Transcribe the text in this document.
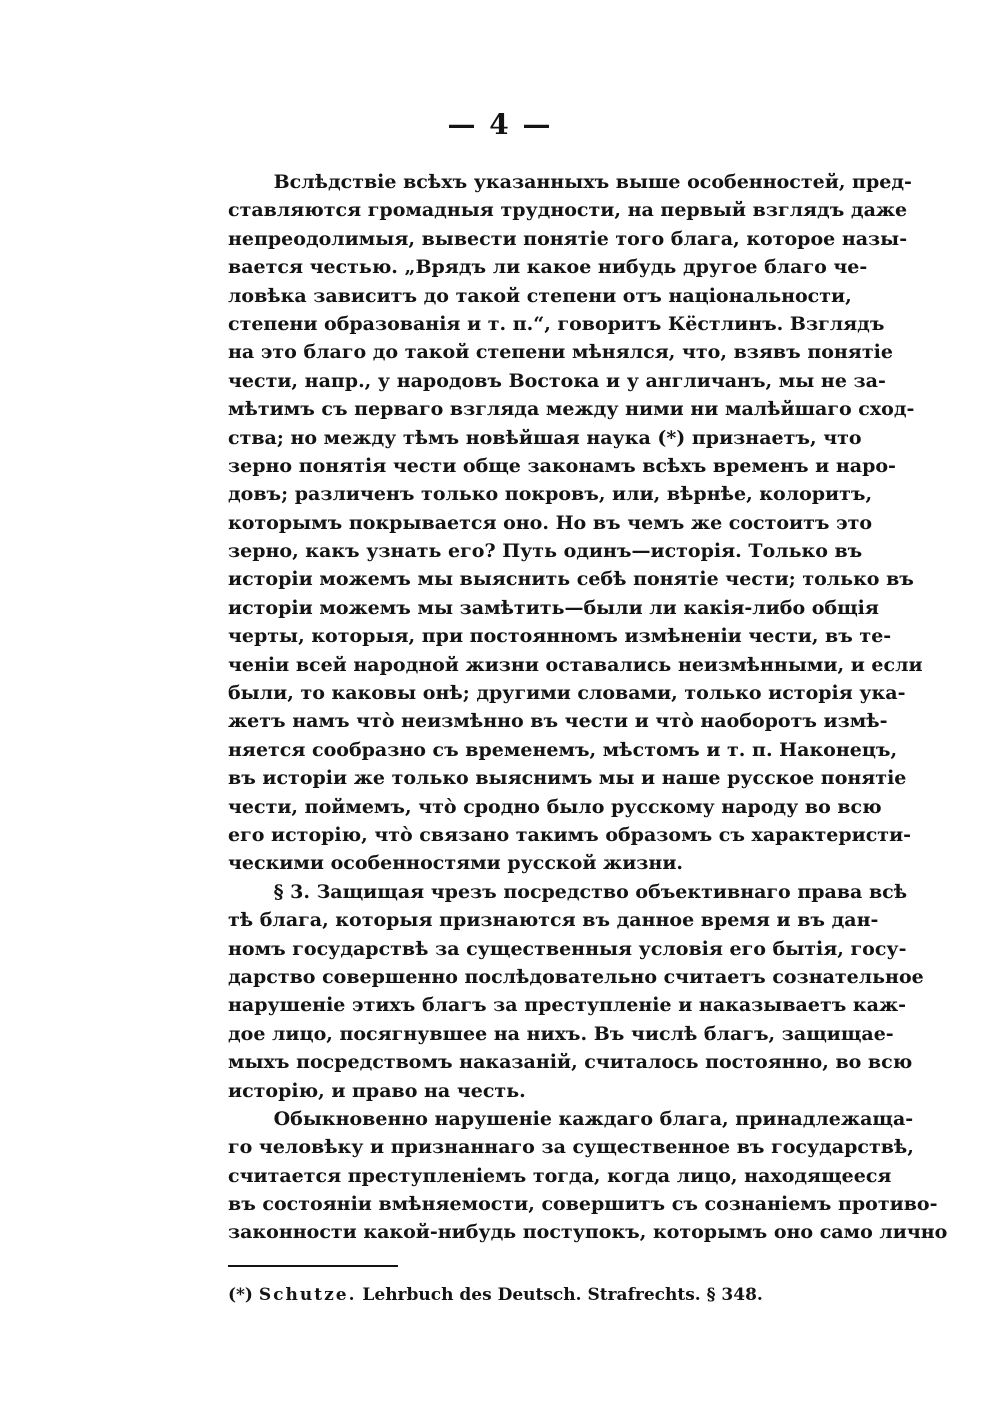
— 4 —
Вслѣдствіе всѣхъ указанныхъ выше особенностей, пред-
ставляются громадныя трудности, на первый взглядъ даже
непреодолимыя, вывести понятіе того блага, которое назы-
вается честью. „Врядъ ли какое нибудь другое благо че-
ловѣка зависитъ до такой степени отъ національности,
степени образованія и т. п.“, говоритъ Кёстлинъ. Взглядъ
на это благо до такой степени мѣнялся, что, взявъ понятіе
чести, напр., у народовъ Востока и у англичанъ, мы не за-
мѣтимъ съ перваго взгляда между ними ни малѣйшаго сход-
ства; но между тѣмъ новѣйшая наука (*) признаетъ, что
зерно понятія чести обще законамъ всѣхъ временъ и наро-
довъ; различенъ только покровъ, или, вѣрнѣе, колоритъ,
которымъ покрывается оно. Но въ чемъ же состоитъ это
зерно, какъ узнать его? Путь одинъ—исторія. Только въ
исторіи можемъ мы выяснить себѣ понятіе чести; только въ
исторіи можемъ мы замѣтить—были ли какія-либо общія
черты, которыя, при постоянномъ измѣненіи чести, въ те-
ченіи всей народной жизни оставались неизмѣнными, и если
были, то каковы онѣ; другими словами, только исторія ука-
жетъ намъ что̀ неизмѣнно въ чести и что̀ наоборотъ измѣ-
няется сообразно съ временемъ, мѣстомъ и т. п. Наконецъ,
въ исторіи же только выяснимъ мы и наше русское понятіе
чести, поймемъ, что̀ сродно было русскому народу во всю
его исторію, что̀ связано такимъ образомъ съ характеристи-
ческими особенностями русской жизни.
§ 3. Защищая чрезъ посредство объективнаго права всѣ
тѣ блага, которыя признаются въ данное время и въ дан-
номъ государствѣ за существенныя условія его бытія, госу-
дарство совершенно послѣдовательно считаетъ сознательное
нарушеніе этихъ благъ за преступленіе и наказываетъ каж-
дое лицо, посягнувшее на нихъ. Въ числѣ благъ, защищае-
мыхъ посредствомъ наказаній, считалось постоянно, во всю
исторію, и право на честь.
Обыкновенно нарушеніе каждаго блага, принадлежаща-
го человѣку и признаннаго за существенное въ государствѣ,
считается преступленіемъ тогда, когда лицо, находящееся
въ состояніи вмѣняемости, совершитъ съ сознаніемъ противо-
законности какой-нибудь поступокъ, которымъ оно само лично
(*) Schutze. Lehrbuch des Deutsch. Strafrechts. § 348.
